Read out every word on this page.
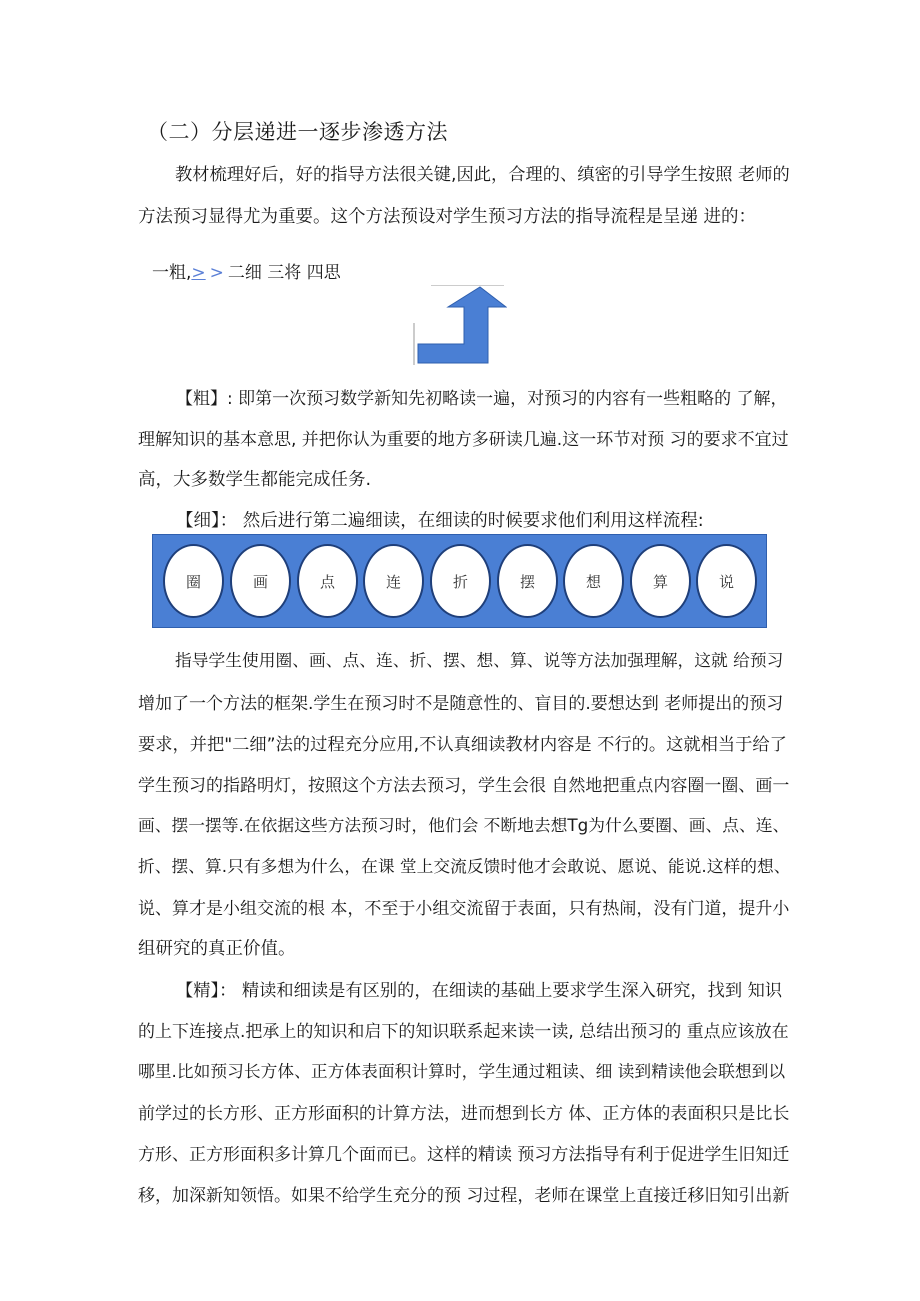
（二）分层递进一逐步渗透方法
教材梳理好后，好的指导方法很关键,因此，合理的、缜密的引导学生按照 老师的
方法预习显得尤为重要。这个方法预设对学生预习方法的指导流程是呈递 进的：
一粗,> > 二细 三将 四思
【粗】: 即第一次预习数学新知先初略读一遍，对预习的内容有一些粗略的 了解，
理解知识的基本意思, 并把你认为重要的地方多研读几遍.这一环节对预 习的要求不宜过
高，大多数学生都能完成任务.
【细】： 然后进行第二遍细读，在细读的时候要求他们利用这样流程:
圈	画	点	连	折	摆	想	算	说
指导学生使用圈、画、点、连、折、摆、想、算、说等方法加强理解，这就 给预习
增加了一个方法的框架.学生在预习时不是随意性的、盲目的.要想达到 老师提出的预习
要求，并把"二细”法的过程充分应用,不认真细读教材内容是 不行的。这就相当于给了
学生预习的指路明灯，按照这个方法去预习，学生会很 自然地把重点内容圈一圈、画一
画、摆一摆等.在依据这些方法预习时，他们会 不断地去想Tg为什么要圈、画、点、连、
折、摆、算.只有多想为什么，在课 堂上交流反馈时他才会敢说、愿说、能说.这样的想、
说、算才是小组交流的根 本，不至于小组交流留于表面，只有热闹，没有门道，提升小
组研究的真正价值。
【精】： 精读和细读是有区别的，在细读的基础上要求学生深入研究，找到 知识
的上下连接点.把承上的知识和启下的知识联系起来读一读, 总结出预习的 重点应该放在
哪里.比如预习长方体、正方体表面积计算时，学生通过粗读、细 读到精读他会联想到以
前学过的长方形、正方形面积的计算方法，进而想到长方 体、正方体的表面积只是比长
方形、正方形面积多计算几个面而已。这样的精读 预习方法指导有利于促进学生旧知迁
移，加深新知领悟。如果不给学生充分的预 习过程，老师在课堂上直接迁移旧知引出新
